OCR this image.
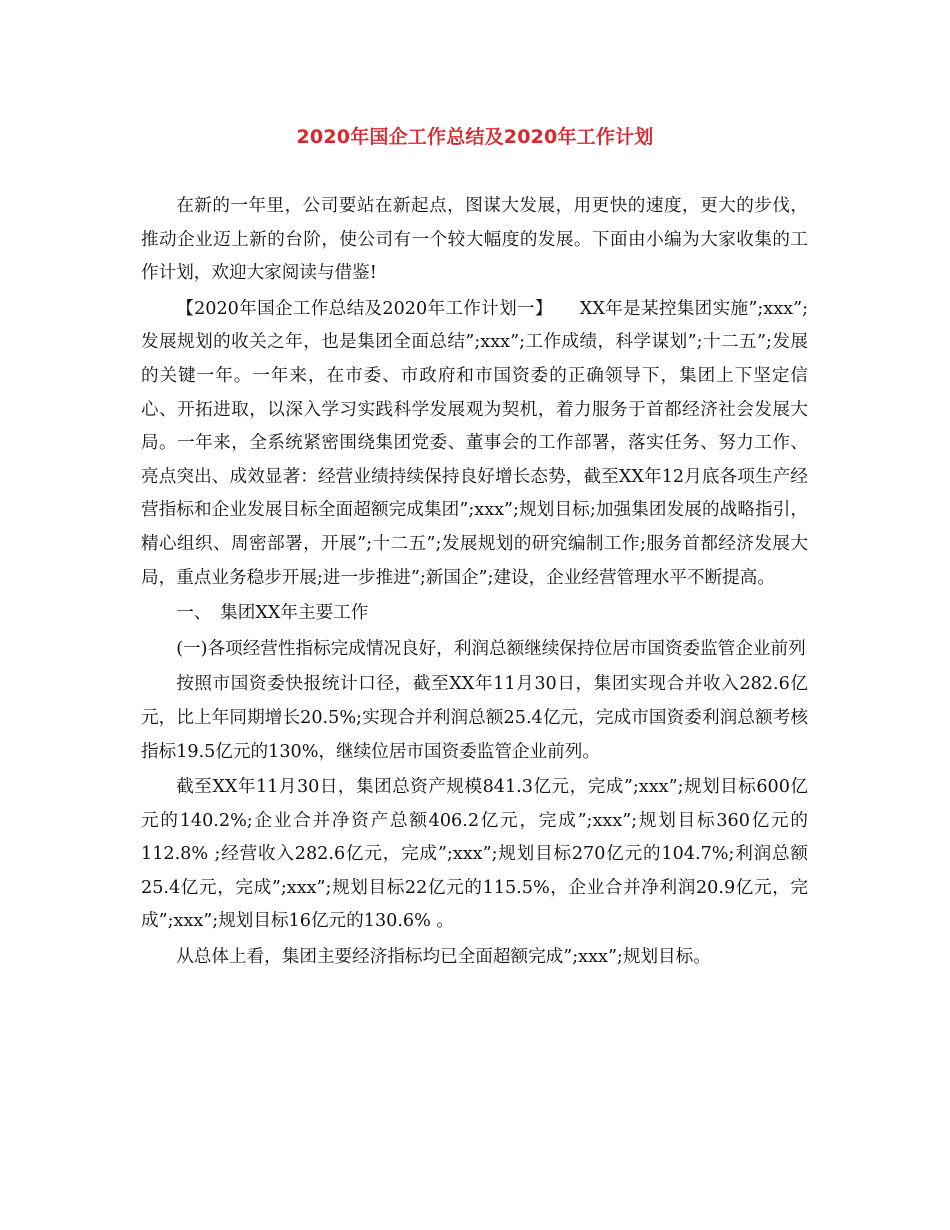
2020年国企工作总结及2020年工作计划

在新的一年里，公司要站在新起点，图谋大发展，用更快的速度，更大的步伐，推动企业迈上新的台阶，使公司有一个较大幅度的发展。下面由小编为大家收集的工作计划，欢迎大家阅读与借鉴!

【2020年国企工作总结及2020年工作计划一】　　XX年是某控集团实施”;xxx”;发展规划的收关之年，也是集团全面总结”;xxx”;工作成绩，科学谋划”;十二五”;发展的关键一年。一年来，在市委、市政府和市国资委的正确领导下，集团上下坚定信心、开拓进取，以深入学习实践科学发展观为契机，着力服务于首都经济社会发展大局。一年来，全系统紧密围绕集团党委、董事会的工作部署，落实任务、努力工作、亮点突出、成效显著：经营业绩持续保持良好增长态势，截至XX年12月底各项生产经营指标和企业发展目标全面超额完成集团”;xxx”;规划目标;加强集团发展的战略指引，精心组织、周密部署，开展”;十二五”;发展规划的研究编制工作;服务首都经济发展大局，重点业务稳步开展;进一步推进”;新国企”;建设，企业经营管理水平不断提高。

一、　集团XX年主要工作

(一)各项经营性指标完成情况良好，利润总额继续保持位居市国资委监管企业前列

按照市国资委快报统计口径，截至XX年11月30日，集团实现合并收入282.6亿元，比上年同期增长20.5%;实现合并利润总额25.4亿元，完成市国资委利润总额考核指标19.5亿元的130%，继续位居市国资委监管企业前列。

截至XX年11月30日，集团总资产规模841.3亿元，完成”;xxx”;规划目标600亿元的140.2%;企业合并净资产总额406.2亿元，完成”;xxx”;规划目标360亿元的112.8% ;经营收入282.6亿元，完成”;xxx”;规划目标270亿元的104.7%;利润总额25.4亿元，完成”;xxx”;规划目标22亿元的115.5%，企业合并净利润20.9亿元，完成”;xxx”;规划目标16亿元的130.6% 。

从总体上看，集团主要经济指标均已全面超额完成”;xxx”;规划目标。
